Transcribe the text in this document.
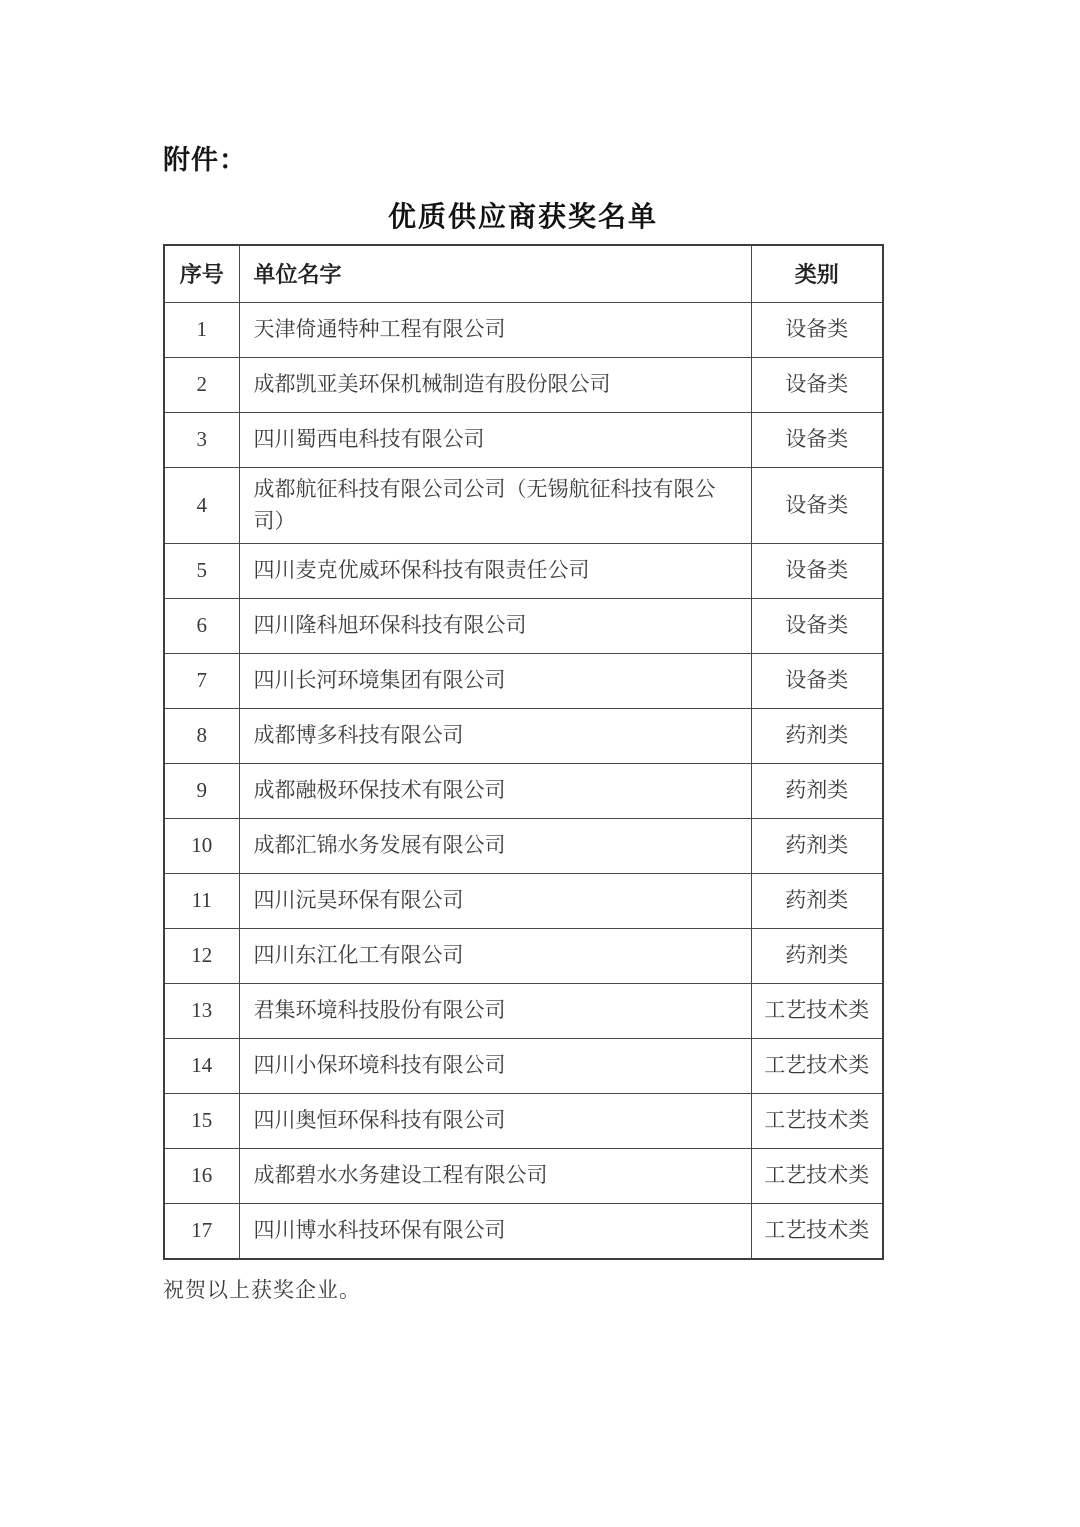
附件：
优质供应商获奖名单
序号	单位名字	类别
1	天津倚通特种工程有限公司	设备类
2	成都凯亚美环保机械制造有股份限公司	设备类
3	四川蜀西电科技有限公司	设备类
4	成都航征科技有限公司公司（无锡航征科技有限公司）	设备类
5	四川麦克优威环保科技有限责任公司	设备类
6	四川隆科旭环保科技有限公司	设备类
7	四川长河环境集团有限公司	设备类
8	成都博多科技有限公司	药剂类
9	成都融极环保技术有限公司	药剂类
10	成都汇锦水务发展有限公司	药剂类
11	四川沅昊环保有限公司	药剂类
12	四川东江化工有限公司	药剂类
13	君集环境科技股份有限公司	工艺技术类
14	四川小保环境科技有限公司	工艺技术类
15	四川奥恒环保科技有限公司	工艺技术类
16	成都碧水水务建设工程有限公司	工艺技术类
17	四川博水科技环保有限公司	工艺技术类
祝贺以上获奖企业。
